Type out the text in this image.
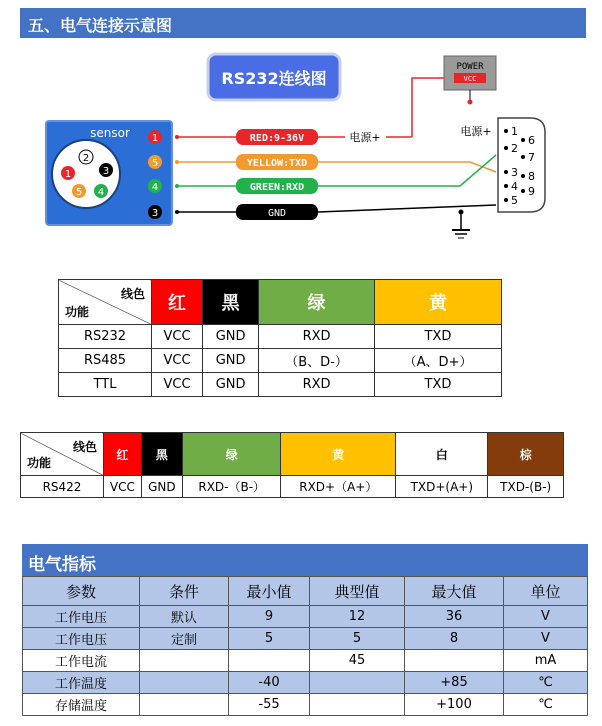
五、电气连接示意图
RS232连线图
sensor
2
1	3
5 4
1
5
4
3
RED:9-36V
YELLOW:TXD
GREEN:RXD
GND
电源+
POWER
VCC
电源+ 1
2
3
4
5
6
7
8
9
线色
功能	红	黑	绿	黄
RS232	VCC	GND	RXD	TXD
RS485	VCC	GND	（B、D-）	（A、D+）
TTL	VCC	GND	RXD	TXD
线色
功能	红	黑	绿	黄	白	棕
RS422	VCC	GND	RXD-（B-）	RXD+（A+）	TXD+(A+)	TXD-(B-)
电气指标
参数	条件	最小值	典型值	最大值	单位
工作电压	默认	9	12	36	V
工作电压	定制	5	5	8	V
工作电流			45		mA
工作温度		-40		+85	℃
存储温度		-55		+100	℃
